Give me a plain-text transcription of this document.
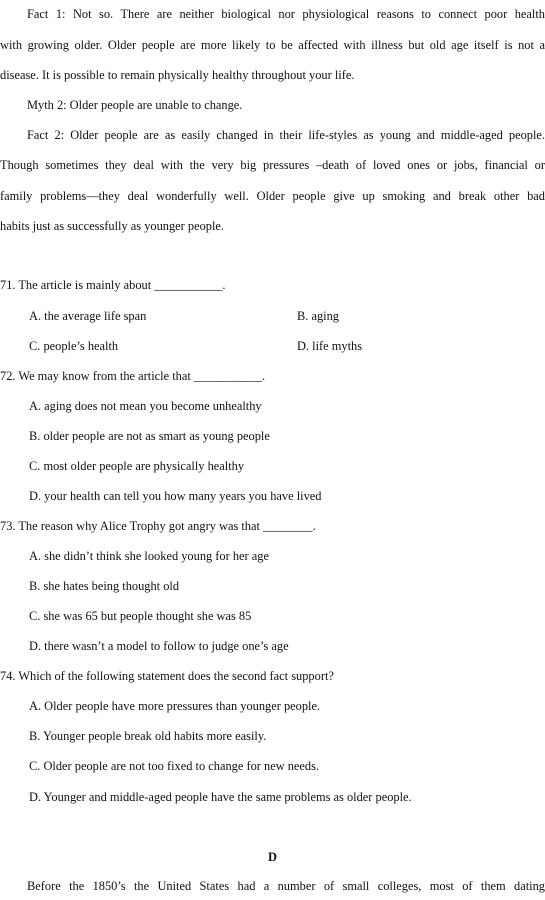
Fact 1: Not so. There are neither biological nor physiological reasons to connect poor health
with growing older. Older people are more likely to be affected with illness but old age itself is not a
disease. It is possible to remain physically healthy throughout your life.
Myth 2: Older people are unable to change.
Fact 2: Older people are as easily changed in their life-styles as young and middle-aged people.
Though sometimes they deal with the very big pressures –death of loved ones or jobs, financial or
family problems—they deal wonderfully well. Older people give up smoking and break other bad
habits just as successfully as younger people.
71. The article is mainly about ___________.
A. the average life span	B. aging
C. people’s health	D. life myths
72. We may know from the article that ___________.
A. aging does not mean you become unhealthy
B. older people are not as smart as young people
C. most older people are physically healthy
D. your health can tell you how many years you have lived
73. The reason why Alice Trophy got angry was that ________.
A. she didn’t think she looked young for her age
B. she hates being thought old
C. she was 65 but people thought she was 85
D. there wasn’t a model to follow to judge one’s age
74. Which of the following statement does the second fact support?
A. Older people have more pressures than younger people.
B. Younger people break old habits more easily.
C. Older people are not too fixed to change for new needs.
D. Younger and middle-aged people have the same problems as older people.
D
Before the 1850’s the United States had a number of small colleges, most of them dating
